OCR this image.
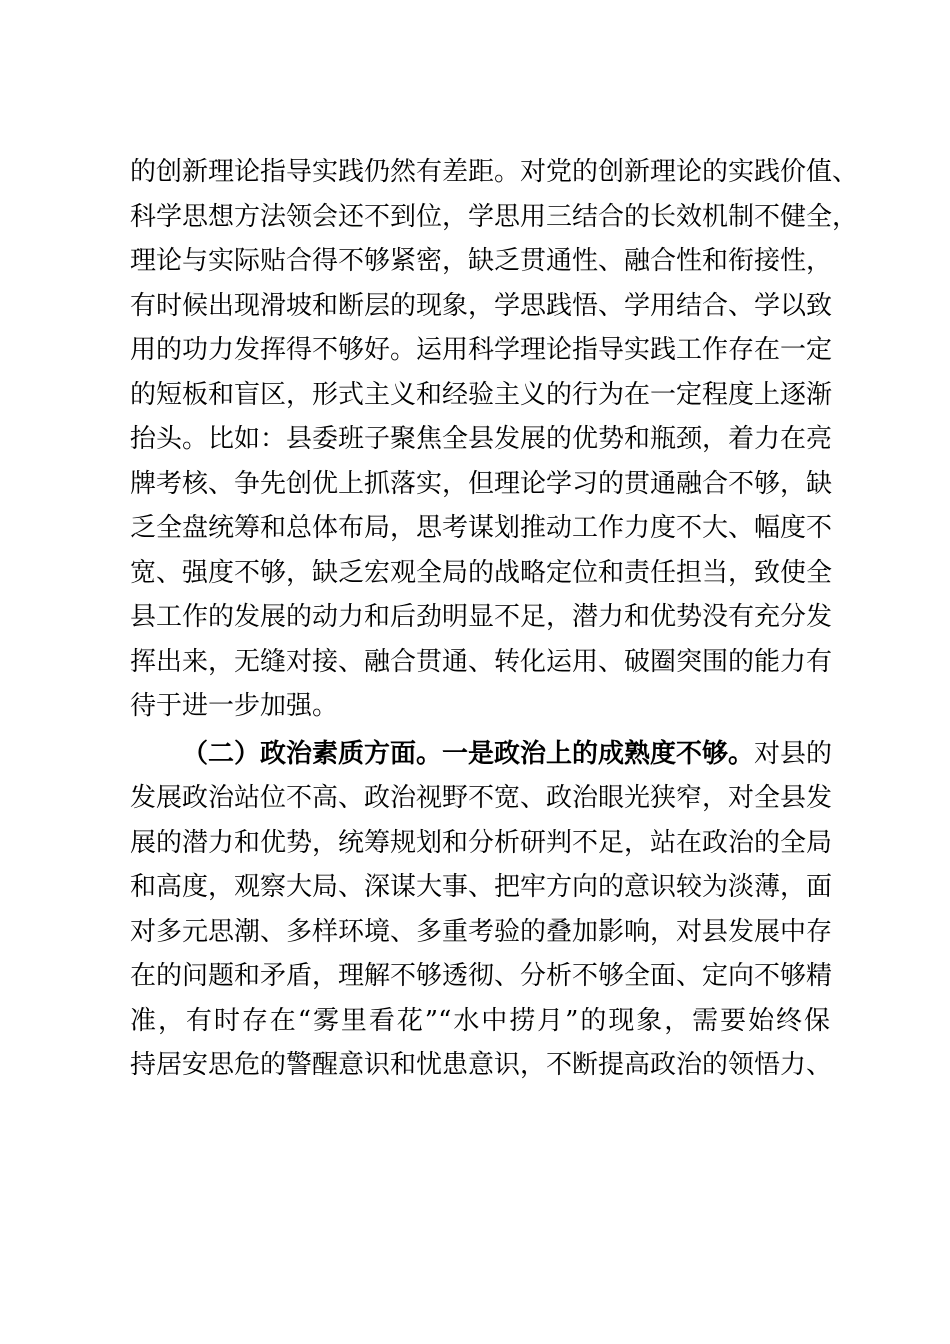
的创新理论指导实践仍然有差距。对党的创新理论的实践价值、
科学思想方法领会还不到位，学思用三结合的长效机制不健全，
理论与实际贴合得不够紧密，缺乏贯通性、融合性和衔接性，
有时候出现滑坡和断层的现象，学思践悟、学用结合、学以致
用的功力发挥得不够好。运用科学理论指导实践工作存在一定
的短板和盲区，形式主义和经验主义的行为在一定程度上逐渐
抬头。比如：县委班子聚焦全县发展的优势和瓶颈，着力在亮
牌考核、争先创优上抓落实，但理论学习的贯通融合不够，缺
乏全盘统筹和总体布局，思考谋划推动工作力度不大、幅度不
宽、强度不够，缺乏宏观全局的战略定位和责任担当，致使全
县工作的发展的动力和后劲明显不足，潜力和优势没有充分发
挥出来，无缝对接、融合贯通、转化运用、破圈突围的能力有
待于进一步加强。
（二）政治素质方面。一是政治上的成熟度不够。对县的
发展政治站位不高、政治视野不宽、政治眼光狭窄，对全县发
展的潜力和优势，统筹规划和分析研判不足，站在政治的全局
和高度，观察大局、深谋大事、把牢方向的意识较为淡薄，面
对多元思潮、多样环境、多重考验的叠加影响，对县发展中存
在的问题和矛盾，理解不够透彻、分析不够全面、定向不够精
准，有时存在“雾里看花”“水中捞月”的现象，需要始终保
持居安思危的警醒意识和忧患意识，不断提高政治的领悟力、
